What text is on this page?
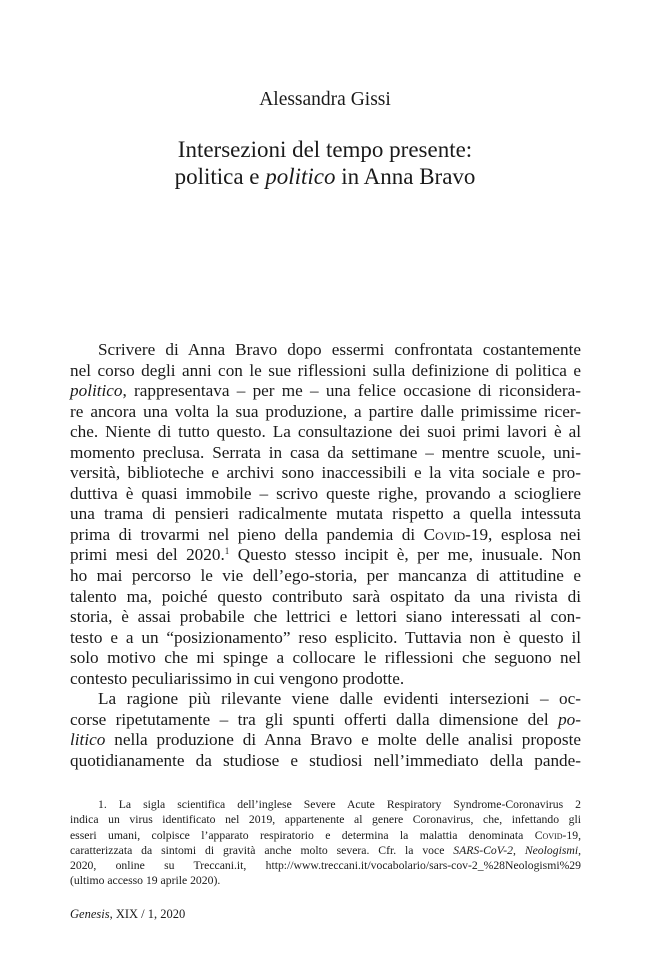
Alessandra Gissi
Intersezioni del tempo presente:
politica e politico in Anna Bravo
Scrivere di Anna Bravo dopo essermi confrontata costantemente
nel corso degli anni con le sue riflessioni sulla definizione di politica e
politico, rappresentava – per me – una felice occasione di riconsidera-
re ancora una volta la sua produzione, a partire dalle primissime ricer-
che. Niente di tutto questo. La consultazione dei suoi primi lavori è al
momento preclusa. Serrata in casa da settimane – mentre scuole, uni-
versità, biblioteche e archivi sono inaccessibili e la vita sociale e pro-
duttiva è quasi immobile – scrivo queste righe, provando a sciogliere
una trama di pensieri radicalmente mutata rispetto a quella intessuta
prima di trovarmi nel pieno della pandemia di Covid-19, esplosa nei
primi mesi del 2020.$^1$ Questo stesso incipit è, per me, inusuale. Non
ho mai percorso le vie dell’ego-storia, per mancanza di attitudine e
talento ma, poiché questo contributo sarà ospitato da una rivista di
storia, è assai probabile che lettrici e lettori siano interessati al con-
testo e a un “posizionamento” reso esplicito. Tuttavia non è questo il
solo motivo che mi spinge a collocare le riflessioni che seguono nel
contesto peculiarissimo in cui vengono prodotte.
La ragione più rilevante viene dalle evidenti intersezioni – oc-
corse ripetutamente – tra gli spunti offerti dalla dimensione del po-
litico nella produzione di Anna Bravo e molte delle analisi proposte
quotidianamente da studiose e studiosi nell’immediato della pande-
1. La sigla scientifica dell’inglese Severe Acute Respiratory Syndrome-Coronavirus 2
indica un virus identificato nel 2019, appartenente al genere Coronavirus, che, infettando gli
esseri umani, colpisce l’apparato respiratorio e determina la malattia denominata Covid-19,
caratterizzata da sintomi di gravità anche molto severa. Cfr. la voce SARS-CoV-2, Neologismi,
2020, online su Treccani.it, http://www.treccani.it/vocabolario/sars-cov-2_%28Neologismi%29
(ultimo accesso 19 aprile 2020).
Genesis, XIX / 1, 2020
